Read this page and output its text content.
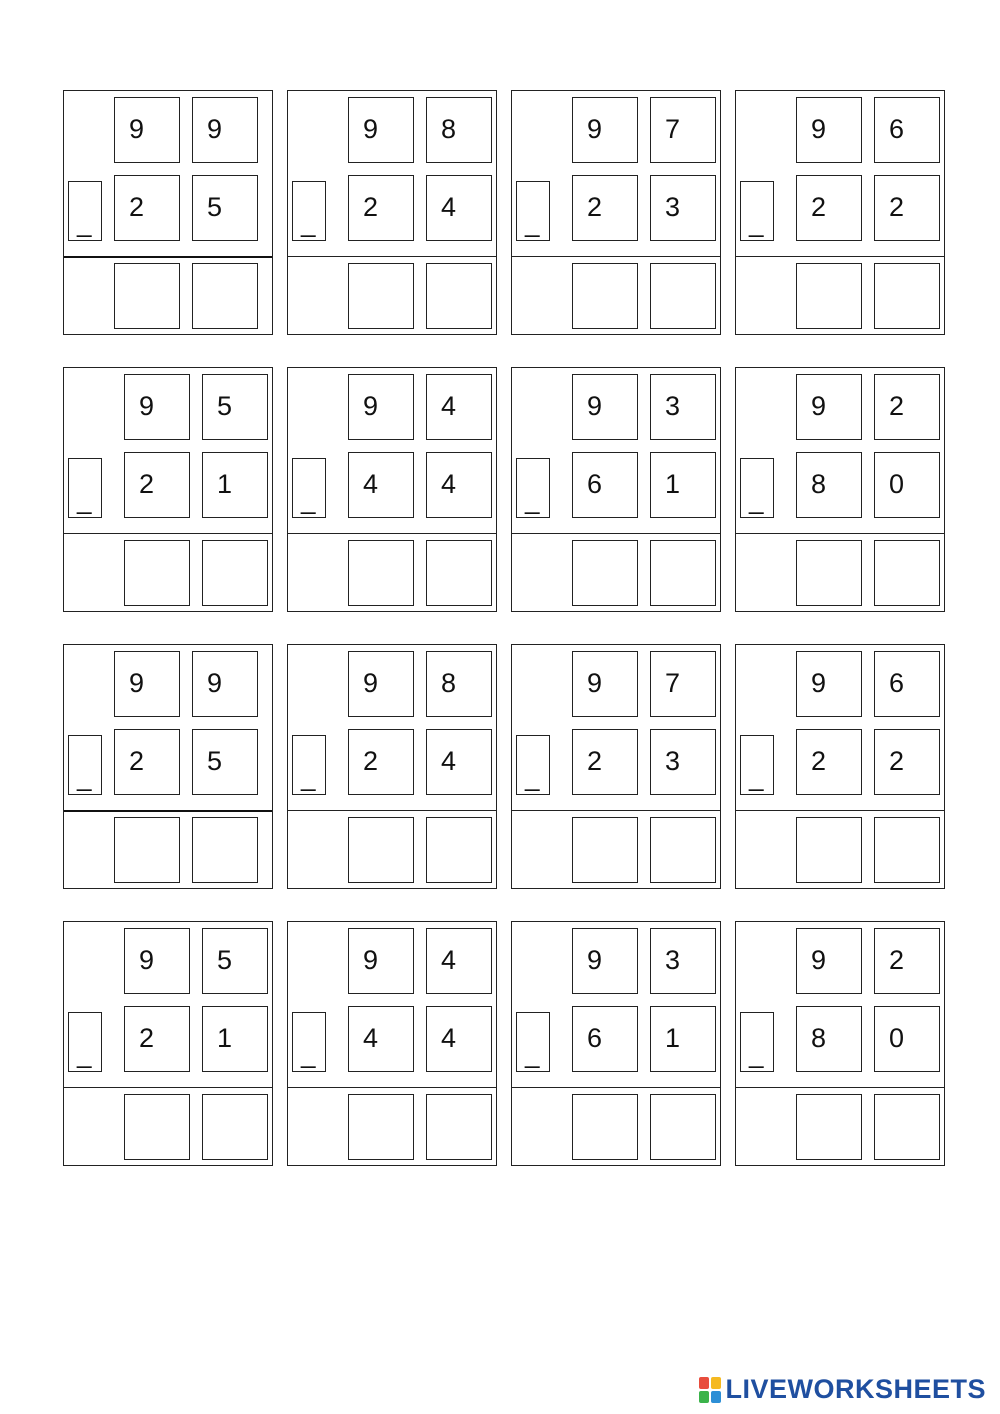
9 9
_
2 5
9 8
_
2 4
9 7
_
2 3
9 6
_
2 2
9 5
_
2 1
9 4
_
4 4
9 3
_
6 1
9 2
_
8 0
9 9
_
2 5
9 8
_
2 4
9 7
_
2 3
9 6
_
2 2
9 5
_
2 1
9 4
_
4 4
9 3
_
6 1
9 2
_
8 0
LIVEWORKSHEETS
